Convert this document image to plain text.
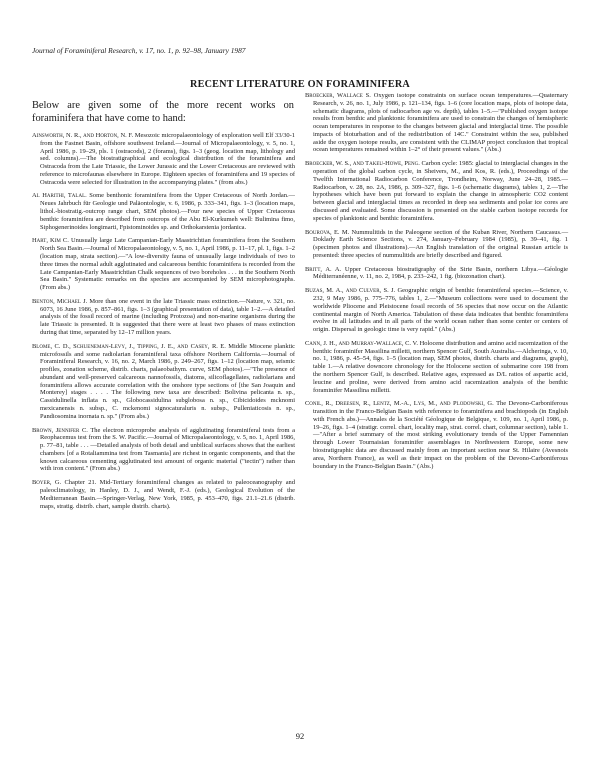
Journal of Foraminiferal Research, v. 17, no. 1, p. 92–98, January 1987
RECENT LITERATURE ON FORAMINIFERA
Below are given some of the more recent works on foraminifera that have come to hand:

Ainsworth, N. R., and Horton, N. F. Mesozoic micropalaeontology of exploration well Elf 33/30-1 from the Fastnet Basin, offshore southwest Ireland.—Journal of Micropalaeontology, v. 5, no. 1, April 1986, p. 19–29, pls. 1 (ostracods), 2 (forams), figs. 1–3 (geog. location map, lithology and sed. columns).—The biostratigraphical and ecological distribution of the foraminifera and Ostracoda from the Late Triassic, the Lower Jurassic and the Lower Cretaceous are reviewed with reference to microfaunas elsewhere in Europe. Eighteen species of foraminifera and 19 species of Ostracoda were selected for illustration in the accompanying plates." (from abs.)

Al Harithi, Talal. Some benthonic foraminifera from the Upper Cretaceous of North Jordan.—Neues Jahrbuch für Geologie und Paläontologie, v. 6, 1986, p. 333–341, figs. 1–3 (location maps, lithol.-biostratig.-outcrop range chart, SEM photos).—Four new species of Upper Cretaceous benthic foraminifera are described from outcrops of the Abu El-Kurkumeh well: Bulimina fimo, Siphogenerinoides longimarti, Fpistominoides sp. and Orthokarstenia jordanica.

Hart, Kim C. Unusually large Late Campanian-Early Maastrichtian foraminifera from the Southern North Sea Basin.—Journal of Micropalaeontology, v. 5, no. 1, April 1986, p. 11–17, pl. 1, figs. 1–2 (location map, strata section).—"A low-diversity fauna of unusually large individuals of two to three times the normal adult agglutinated and calcareous benthic foraminifera is recorded from the Late Campanian-Early Maastrichtian Chalk sequences of two boreholes . . . in the Southern North Sea Basin." Systematic remarks on the species are accompanied by SEM microphotographs. (From abs.)

Benton, Michael J. More than one event in the late Triassic mass extinction.—Nature, v. 321, no. 6073, 16 June 1986, p. 857–861, figs. 1–3 (graphical presentation of data), table 1–2.—A detailed analysis of the fossil record of marine (including Protozoa) and non-marine organisms during the late Triassic is presented. It is suggested that there were at least two phases of mass extinction during that time, separated by 12–17 million years.

Blome, C. D., Schueneman-Levy, J., Tipping, J. E., and Casey, R. E. Middle Miocene planktic microfossils and some radiolarian foraminiferal taxa offshore Northern California.—Journal of Foraminiferal Research, v. 16, no. 2, March 1986, p. 249–267, figs. 1–12 (location map, seismic profiles, zonation scheme, distrib. charts, palaeobathym. curve, SEM photos).—"The presence of abundant and well-preserved calcareous nannofossils, diatoms, silicoflagellates, radiolarians and foraminifera allows accurate correlation with the onshore type sections of [the San Joaquin and Monterey] stages . . . . The following new taxa are described: Bolivina pelicanta n. sp., Cassidulinella inflata n. sp., Globocassidulina subglobosa n. sp., Cibicidoides mcknomi mexicanensis n. subsp., C. mckenomi signocaturaluris n. subsp., Pulleniaticosis n. sp., Pandiosomina inornata n. sp." (From abs.)

Brown, Jennifer C. The electron microprobe analysis of agglutinating foraminiferal tests from a Reophacemus test from the S. W. Pacific.—Journal of Micropalaeontology, v. 5, no. 1, April 1986, p. 77–81, table . . . —Detailed analysis of both detail and unbilical surfaces shows that the earliest chambers [of a Rotaliammina test from Tasmania] are richest in organic components, and that the known calcareous cementing agglutinated test amount of organic material ("tectin") rather than with iron content." (From abs.)

Boyer, G. Chapter 21. Mid-Tertiary foraminiferal changes as related to paleoceanography and paleoclimatology, in Hanley, D. J., and Wendt, F.-J. (eds.), Geological Evolution of the Mediterranean Basin.—Springer-Verlag, New York, 1985, p. 453–470, figs. 21.1–21.6 (distrib. maps, stratig. distrib. chart, sample distrib. charts).

Broecker, Wallace S. Oxygen isotope constraints on surface ocean temperatures.—Quaternary Research, v. 26, no. 1, July 1986, p. 121–134, figs. 1–6 (core location maps, plots of isotope data, schematic diagrams, plots of radiocarbon age vs. depth), tables 1–5.—"Published oxygen isotope results from benthic and planktonic foraminifera are used to constrain the changes of hemispheric ocean temperatures in response to the changes between glacial and interglacial time. The possible impacts of bioturbation and of the redistribution of 14C." Constraint within the sea, published aside the oxygen isotope results, are consistent with the CLIMAP project conclusion that tropical ocean temperatures remained within 1–2° of their present values." (Abs.)

Broecker, W. S., and Takeu-Howe, Peng. Carbon cycle: 1985: glacial to interglacial changes in the operation of the global carbon cycle, in Sheivers, M., and Kos, R. (eds.), Proceedings of the Twelfth International Radiocarbon Conference, Trondheim, Norway, June 24–28, 1985.—Radiocarbon, v. 28, no. 2A, 1986, p. 309–327, figs. 1–6 (schematic diagrams), tables 1, 2.—The hypotheses which have been put forward to explain the change in atmospheric CO2 content between glacial and interglacial times as recorded in deep sea sediments and polar ice cores are discussed and evaluated. Some discussion is presented on the stable carbon isotope records for species of planktonic and benthic foraminifera.

Bourova, E. M. Nummulitids in the Paleogene section of the Kuban River, Northern Caucasus.—Doklady Earth Science Sections, v. 274, January–February 1984 (1985), p. 39–41, fig. 1 (specimen photos and illustrations).—An English translation of the original Russian article is presented: three species of nummulitids are briefly described and figured.

Britt, A. A. Upper Cretaceous biostratigraphy of the Sirte Basin, northern Libya.—Géologie Méditerranéenne, v. 11, no. 2, 1984, p. 233–242, 1 fig. (biozonation chart).

Buzas, M. A., and Culver, S. J. Geographic origin of benthic foraminiferal species.—Science, v. 232, 9 May 1986, p. 775–776, tables 1, 2.—"Museum collections were used to document the worldwide Pliocene and Pleistocene fossil records of 56 species that now occur on the Atlantic continental margin of North America. Tabulation of these data indicates that benthic foraminifera evolve in all latitudes and in all parts of the world ocean rather than some center or centers of origin. Dispersal in geologic time is very rapid." (Abs.)

Cann, J. H., and Murray-Wallace, C. V. Holocene distribution and amino acid racemization of the benthic foraminifer Massilina milletti, northern Spencer Gulf, South Australia.—Alcheringa, v. 10, no. 1, 1986, p. 45–54, figs. 1–5 (location map, SEM photos, distrib. charts and diagrams, graph), table 1.—A relative downcore chronology for the Holocene section of submarine core 198 from the northern Spencer Gulf, is described. Relative ages, expressed as D/L ratios of aspartic acid, leucine and proline, were derived from amino acid racemization analysis of the benthic foraminifer Massilina milletti.

Conil, R., Dreesen, R., Lentz, M.-A., Lys, M., and Plodowski, G. The Devono-Carboniferous transition in the Franco-Belgian Basin with reference to foraminifera and brachiopods (in English with French abs.)—Annales de la Société Géologique de Belgique, v. 109, no. 1, April 1986, p. 19–26, figs. 1–4 (stratigr. correl. chart, locality map, strat. correl. chart, columnar section), table 1.—"After a brief summary of the most striking evolutionary trends of the Upper Famennian through Lower Tournaisian foraminifer assemblages in Northwestern Europe, some new biostratigraphic data are discussed mainly from an important section near St. Hilaire (Avesnois area, Northern France), as well as their impact on the problem of the Devono-Carboniferous boundary in the Franco-Belgian Basin." (Abs.)

92
